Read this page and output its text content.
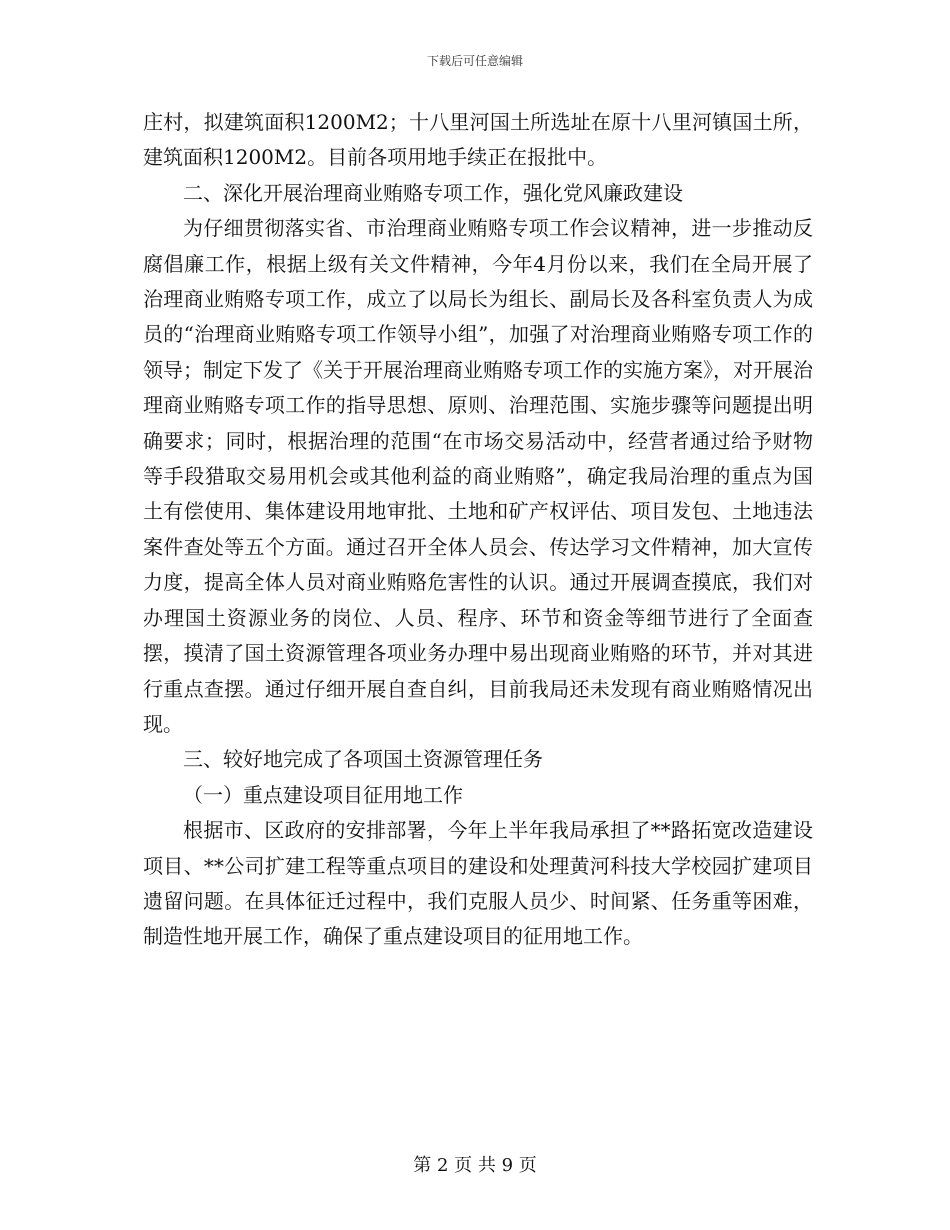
下载后可任意编辑

庄村，拟建筑面积1200M2；十八里河国土所选址在原十八里河镇国土所，建筑面积1200M2。目前各项用地手续正在报批中。

二、深化开展治理商业贿赂专项工作，强化党风廉政建设

为仔细贯彻落实省、市治理商业贿赂专项工作会议精神，进一步推动反腐倡廉工作，根据上级有关文件精神，今年4月份以来，我们在全局开展了治理商业贿赂专项工作，成立了以局长为组长、副局长及各科室负责人为成员的“治理商业贿赂专项工作领导小组”，加强了对治理商业贿赂专项工作的领导；制定下发了《关于开展治理商业贿赂专项工作的实施方案》，对开展治理商业贿赂专项工作的指导思想、原则、治理范围、实施步骤等问题提出明确要求；同时，根据治理的范围“在市场交易活动中，经营者通过给予财物等手段猎取交易用机会或其他利益的商业贿赂”，确定我局治理的重点为国土有偿使用、集体建设用地审批、土地和矿产权评估、项目发包、土地违法案件查处等五个方面。通过召开全体人员会、传达学习文件精神，加大宣传力度，提高全体人员对商业贿赂危害性的认识。通过开展调查摸底，我们对办理国土资源业务的岗位、人员、程序、环节和资金等细节进行了全面查摆，摸清了国土资源管理各项业务办理中易出现商业贿赂的环节，并对其进行重点查摆。通过仔细开展自查自纠，目前我局还未发现有商业贿赂情况出现。

三、较好地完成了各项国土资源管理任务

（一）重点建设项目征用地工作

根据市、区政府的安排部署，今年上半年我局承担了**路拓宽改造建设项目、**公司扩建工程等重点项目的建设和处理黄河科技大学校园扩建项目遗留问题。在具体征迁过程中，我们克服人员少、时间紧、任务重等困难，制造性地开展工作，确保了重点建设项目的征用地工作。

第 2 页 共 9 页
